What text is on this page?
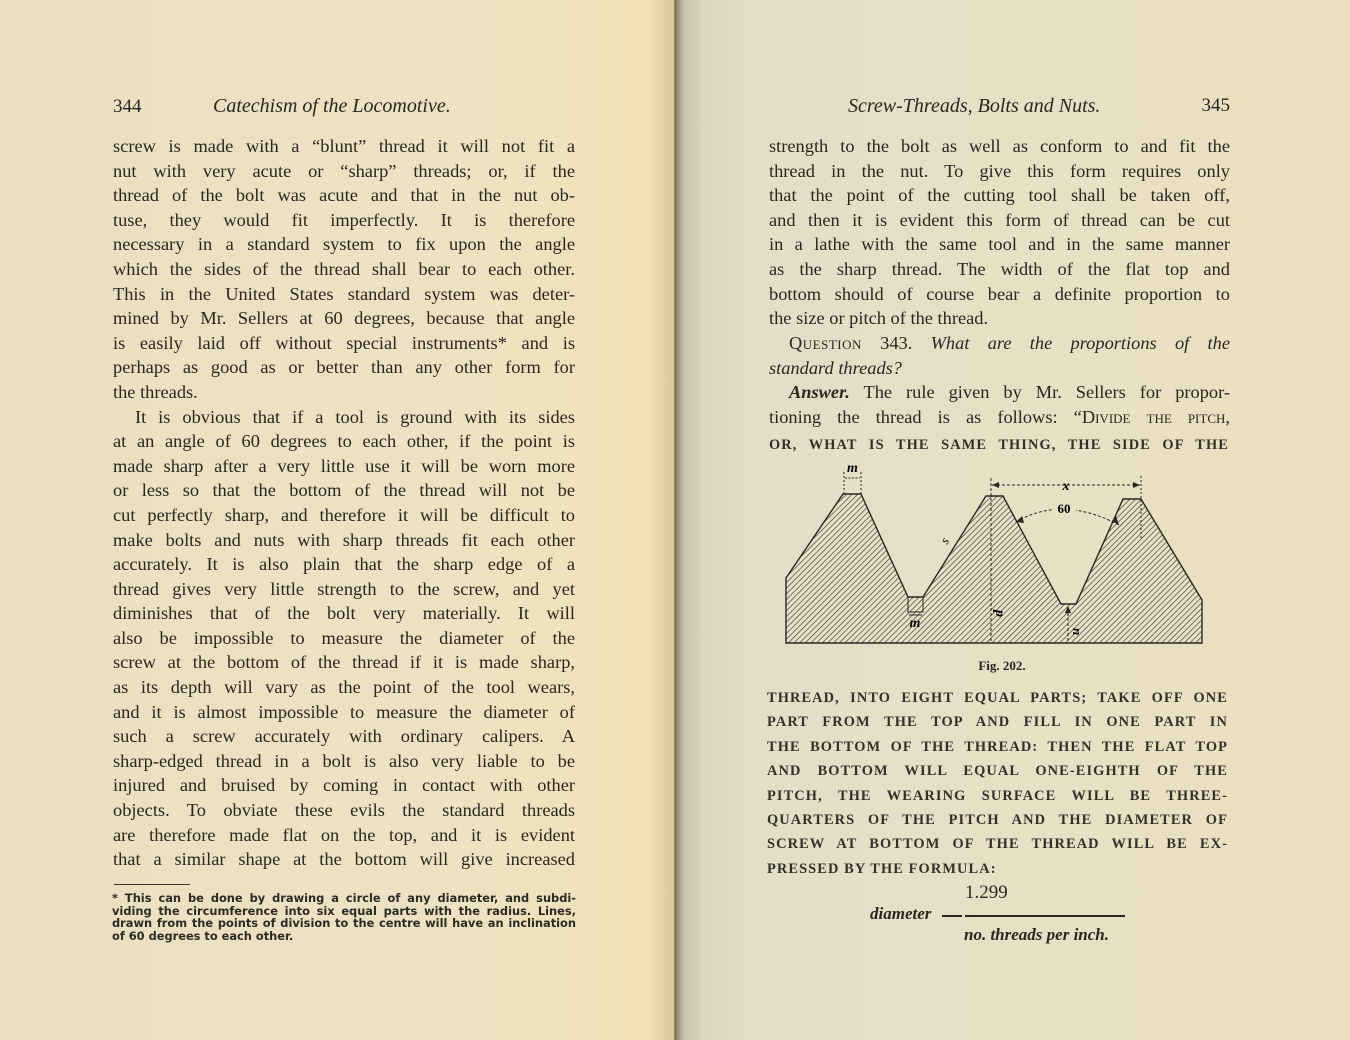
344	Catechism of the Locomotive.
screw is made with a “blunt” thread it will not fit a
nut with very acute or “sharp” threads; or, if the
thread of the bolt was acute and that in the nut ob-
tuse, they would fit imperfectly. It is therefore
necessary in a standard system to fix upon the angle
which the sides of the thread shall bear to each other.
This in the United States standard system was deter-
mined by Mr. Sellers at 60 degrees, because that angle
is easily laid off without special instruments* and is
perhaps as good as or better than any other form for
the threads.
It is obvious that if a tool is ground with its sides
at an angle of 60 degrees to each other, if the point is
made sharp after a very little use it will be worn more
or less so that the bottom of the thread will not be
cut perfectly sharp, and therefore it will be difficult to
make bolts and nuts with sharp threads fit each other
accurately. It is also plain that the sharp edge of a
thread gives very little strength to the screw, and yet
diminishes that of the bolt very materially. It will
also be impossible to measure the diameter of the
screw at the bottom of the thread if it is made sharp,
as its depth will vary as the point of the tool wears,
and it is almost impossible to measure the diameter of
such a screw accurately with ordinary calipers. A
sharp-edged thread in a bolt is also very liable to be
injured and bruised by coming in contact with other
objects. To obviate these evils the standard threads
are therefore made flat on the top, and it is evident
that a similar shape at the bottom will give increased
* This can be done by drawing a circle of any diameter, and subdi-
viding the circumference into six equal parts with the radius. Lines,
drawn from the points of division to the centre will have an inclination
of 60 degrees to each other.
Screw-Threads, Bolts and Nuts.	345
strength to the bolt as well as conform to and fit the
thread in the nut. To give this form requires only
that the point of the cutting tool shall be taken off,
and then it is evident this form of thread can be cut
in a lathe with the same tool and in the same manner
as the sharp thread. The width of the flat top and
bottom should of course bear a definite proportion to
the size or pitch of the thread.
Question 343. What are the proportions of the
standard threads?
Answer. The rule given by Mr. Sellers for propor-
tioning the thread is as follows: “Divide the pitch,
OR, WHAT IS THE SAME THING, THE SIDE OF THE
m
m
s
p
x
60
n
Fig. 202.
THREAD, INTO EIGHT EQUAL PARTS; TAKE OFF ONE
PART FROM THE TOP AND FILL IN ONE PART IN
THE BOTTOM OF THE THREAD: THEN THE FLAT TOP
AND BOTTOM WILL EQUAL ONE-EIGHTH OF THE
PITCH, THE WEARING SURFACE WILL BE THREE-
QUARTERS OF THE PITCH AND THE DIAMETER OF
SCREW AT BOTTOM OF THE THREAD WILL BE EX-
PRESSED BY THE FORMULA:
1.299
diameter
no. threads per inch.
